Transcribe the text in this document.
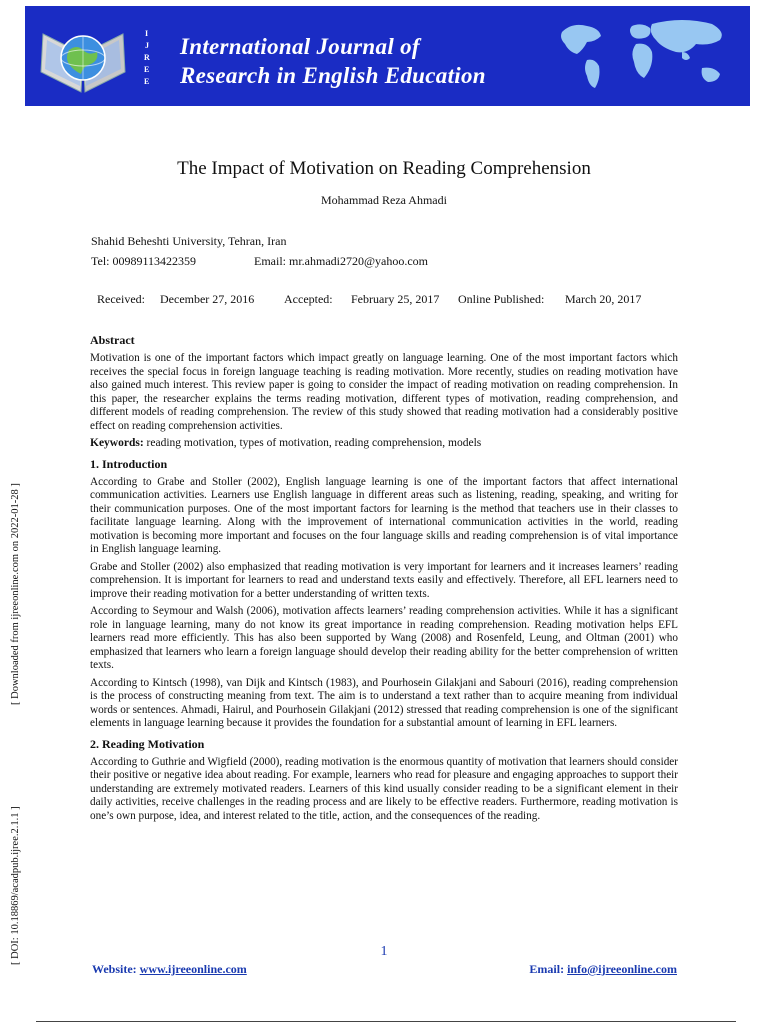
I
J
R
E
E
International Journal of
Research in English Education
The Impact of Motivation on Reading Comprehension
Mohammad Reza Ahmadi
Shahid Beheshti University, Tehran, Iran
Tel: 00989113422359	Email: mr.ahmadi2720@yahoo.com

Received:

December 27, 2016

Accepted:

February 25, 2017

Online Published:

March 20, 2017

Abstract

Motivation is one of the important factors which impact greatly on language learning. One of the most important factors which receives the special focus in foreign language teaching is reading motivation. More recently, studies on reading motivation have also gained much interest. This review paper is going to consider the impact of reading motivation on reading comprehension. In this paper, the researcher explains the terms reading motivation, different types of motivation, reading comprehension, and different models of reading comprehension. The review of this study showed that reading motivation had a considerably positive effect on reading comprehension activities.

Keywords: reading motivation, types of motivation, reading comprehension, models
1. Introduction

According to Grabe and Stoller (2002), English language learning is one of the important factors that affect international communication activities. Learners use English language in different areas such as listening, reading, speaking, and writing for their communication purposes. One of the most important factors for learning is the method that teachers use in their classes to facilitate language learning. Along with the improvement of international communication activities in the world, reading motivation is becoming more important and focuses on the four language skills and reading comprehension is of vital importance in English language learning.

Grabe and Stoller (2002) also emphasized that reading motivation is very important for learners and it increases learners’ reading comprehension. It is important for learners to read and understand texts easily and effectively. Therefore, all EFL learners need to improve their reading motivation for a better understanding of written texts.

According to Seymour and Walsh (2006), motivation affects learners’ reading comprehension activities. While it has a significant role in language learning, many do not know its great importance in reading comprehension. Reading motivation helps EFL learners read more efficiently. This has also been supported by Wang (2008) and Rosenfeld, Leung, and Oltman (2001) who emphasized that learners who learn a foreign language should develop their reading ability for the better comprehension of written texts.

According to Kintsch (1998), van Dijk and Kintsch (1983), and Pourhosein Gilakjani and Sabouri (2016), reading comprehension is the process of constructing meaning from text. The aim is to understand a text rather than to acquire meaning from individual words or sentences. Ahmadi, Hairul, and Pourhosein Gilakjani (2012) stressed that reading comprehension is one of the significant elements in language learning because it provides the foundation for a substantial amount of learning in EFL learners.

2. Reading Motivation

According to Guthrie and Wigfield (2000), reading motivation is the enormous quantity of motivation that learners should consider their positive or negative idea about reading. For example, learners who read for pleasure and engaging approaches to support their understanding are extremely motivated readers. Learners of this kind usually consider reading to be a significant element in their daily activities, receive challenges in the reading process and are likely to be effective readers. Furthermore, reading motivation is one’s own purpose, idea, and interest related to the title, action, and the consequences of the reading.

[ Downloaded from ijreeonline.com on 2022-01-28 ]
[ DOI: 10.18869/acadpub.ijree.2.1.1 ]	1
Website: www.ijreeonline.com	Email: info@ijreeonline.com
